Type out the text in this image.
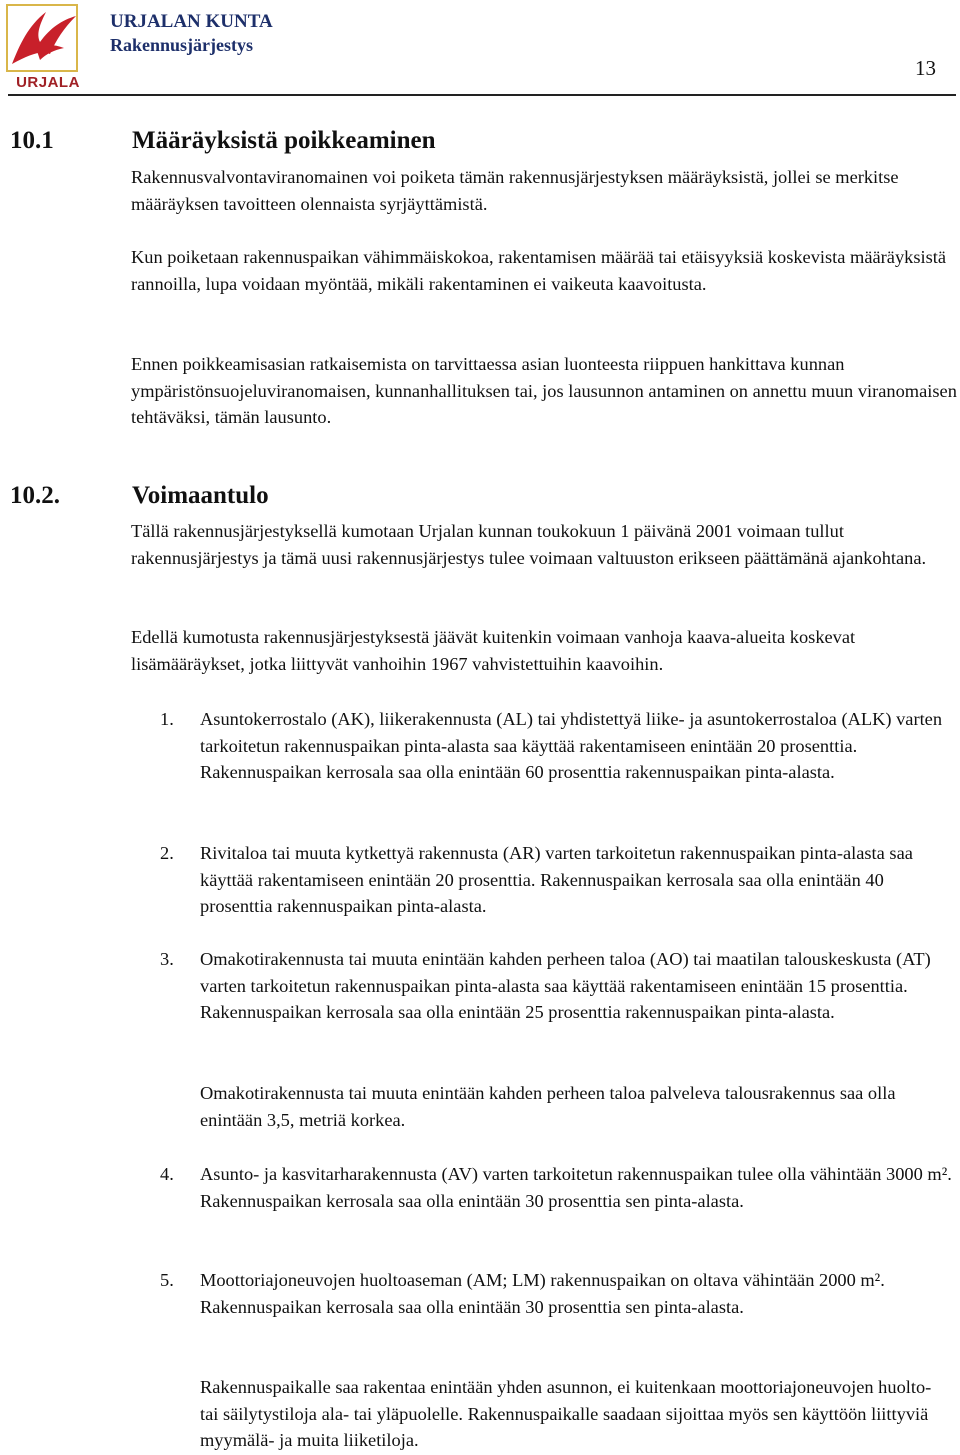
URJALA
URJALAN KUNTA
Rakennusjärjestys
13
10.1	Määräyksistä poikkeaminen

Rakennusvalvontaviranomainen voi poiketa tämän rakennusjärjestyksen määräyksistä, jollei se merkitse määräyksen tavoitteen olennaista syrjäyttämistä.

Kun poiketaan rakennuspaikan vähimmäiskokoa, rakentamisen määrää tai etäisyyksiä koskevista määräyksistä rannoilla, lupa voidaan myöntää, mikäli rakentaminen ei vaikeuta kaavoitusta.

Ennen poikkeamisasian ratkaisemista on tarvittaessa asian luonteesta riippuen hankittava kunnan ympäristönsuojeluviranomaisen, kunnanhallituksen tai, jos lausunnon antaminen on annettu muun viranomaisen tehtäväksi, tämän lausunto.

10.2.	Voimaantulo

Tällä rakennusjärjestyksellä kumotaan Urjalan kunnan toukokuun 1 päivänä 2001 voimaan tullut rakennusjärjestys ja tämä uusi rakennusjärjestys tulee voimaan valtuuston erikseen päättämänä ajankohtana.

Edellä kumotusta rakennusjärjestyksestä jäävät kuitenkin voimaan vanhoja kaava-alueita koskevat lisämääräykset, jotka liittyvät vanhoihin 1967 vahvistettuihin kaavoihin.

1. Asuntokerrostalo (AK), liikerakennusta (AL) tai yhdistettyä liike- ja asuntokerrostaloa (ALK) varten tarkoitetun rakennuspaikan pinta-alasta saa käyttää rakentamiseen enintään 20 prosenttia. Rakennuspaikan kerrosala saa olla enintään 60 prosenttia rakennuspaikan pinta-alasta.
2. Rivitaloa tai muuta kytkettyä rakennusta (AR) varten tarkoitetun rakennuspaikan pinta-alasta saa käyttää rakentamiseen enintään 20 prosenttia. Rakennuspaikan kerrosala saa olla enintään 40 prosenttia rakennuspaikan pinta-alasta.
3. Omakotirakennusta tai muuta enintään kahden perheen taloa (AO) tai maatilan talouskeskusta (AT) varten tarkoitetun rakennuspaikan pinta-alasta saa käyttää rakentamiseen enintään 15 prosenttia. Rakennuspaikan kerrosala saa olla enintään 25 prosenttia rakennuspaikan pinta-alasta.
Omakotirakennusta tai muuta enintään kahden perheen taloa palveleva talousrakennus saa olla enintään 3,5, metriä korkea.
4. Asunto- ja kasvitarharakennusta (AV) varten tarkoitetun rakennuspaikan tulee olla vähintään 3000 m². Rakennuspaikan kerrosala saa olla enintään 30 prosenttia sen pinta-alasta.
5. Moottoriajoneuvojen huoltoaseman (AM; LM) rakennuspaikan on oltava vähintään 2000 m². Rakennuspaikan kerrosala saa olla enintään 30 prosenttia sen pinta-alasta.
Rakennuspaikalle saa rakentaa enintään yhden asunnon, ei kuitenkaan moottoriajoneuvojen huolto- tai säilytystiloja ala- tai yläpuolelle. Rakennuspaikalle saadaan sijoittaa myös sen käyttöön liittyviä myymälä- ja muita liiketiloja.
